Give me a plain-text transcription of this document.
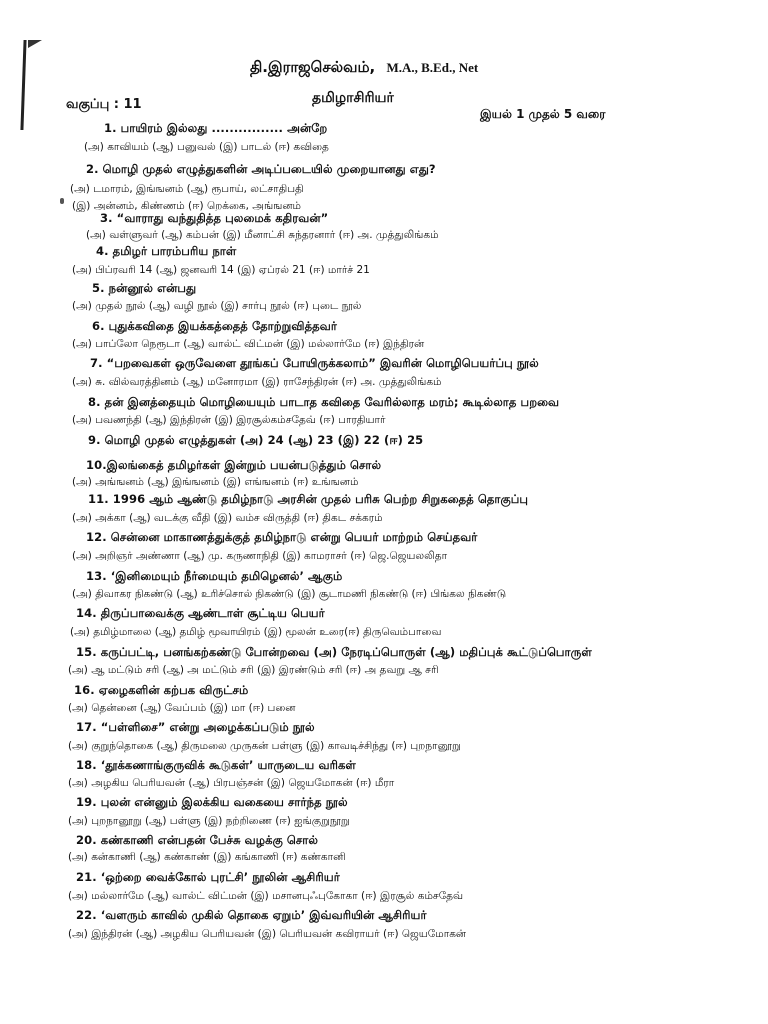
தி.இராஜசெல்வம், M.A., B.Ed., Net
தமிழாசிரியர்
வகுப்பு : 11
இயல் 1 முதல் 5 வரை
1. பாயிரம் இல்லது ................ அன்றே
(அ) காவியம் (ஆ) பனுவல் (இ) பாடல் (ஈ) கவிதை
2. மொழி முதல் எழுத்துகளின் அடிப்படையில் முறையானது எது?
(அ) டமாரம், இங்ஙனம் (ஆ) ரூபாய், லட்சாதிபதி
(இ) அன்னம், கிண்ணம் (ஈ) றெக்கை, அங்ஙனம்
3. “வாராது வந்துதித்த புலமைக் கதிரவன்”
(அ) வள்ளுவர் (ஆ) கம்பன் (இ) மீனாட்சி சுந்தரனார் (ஈ) அ. முத்துலிங்கம்
4. தமிழர் பாரம்பரிய நாள்
(அ) பிப்ரவரி 14 (ஆ) ஜனவரி 14 (இ) ஏப்ரல் 21 (ஈ) மார்ச் 21
5. நன்னூல் என்பது
(அ) முதல் நூல் (ஆ) வழி நூல் (இ) சார்பு நூல் (ஈ) புடை நூல்
6. புதுக்கவிதை இயக்கத்தைத் தோற்றுவித்தவர்
(அ) பாப்லோ நெரூடா (ஆ) வால்ட் விட்மன் (இ) மல்லார்மே (ஈ) இந்திரன்
7. “பறவைகள் ஒருவேளை தூங்கப் போயிருக்கலாம்” இவரின் மொழிபெயர்ப்பு நூல்
(அ) சு. வில்வரத்தினம் (ஆ) மனோரமா (இ) ராசேந்திரன் (ஈ) அ. முத்துலிங்கம்
8. தன் இனத்தையும் மொழியையும் பாடாத கவிதை வேரில்லாத மரம்; கூடில்லாத பறவை
(அ) பவணந்தி (ஆ) இந்திரன் (இ) இரசூல்கம்சதேவ் (ஈ) பாரதியார்
9. மொழி முதல் எழுத்துகள் (அ) 24 (ஆ) 23 (இ) 22 (ஈ) 25
10.இலங்கைத் தமிழர்கள் இன்றும் பயன்படுத்தும் சொல்
(அ) அங்ஙனம் (ஆ) இங்ஙனம் (இ) எங்ஙனம் (ஈ) உங்ஙனம்
11. 1996 ஆம் ஆண்டு தமிழ்நாடு அரசின் முதல் பரிசு பெற்ற சிறுகதைத் தொகுப்பு
(அ) அக்கா (ஆ) வடக்கு வீதி (இ) வம்ச விருத்தி (ஈ) திகட சக்கரம்
12. சென்னை மாகாணத்துக்குத் தமிழ்நாடு என்று பெயர் மாற்றம் செய்தவர்
(அ) அறிஞர் அண்ணா (ஆ) மு. கருணாநிதி (இ) காமராசர் (ஈ) ஜெ.ஜெயலலிதா
13. ‘இனிமையும் நீர்மையும் தமிழெனல்’ ஆகும்
(அ) திவாகர நிகண்டு (ஆ) உரிச்சொல் நிகண்டு (இ) சூடாமணி நிகண்டு (ஈ) பிங்கல நிகண்டு
14. திருப்பாவைக்கு ஆண்டாள் சூட்டிய பெயர்
(அ) தமிழ்மாலை (ஆ) தமிழ் மூவாயிரம் (இ) மூலன் உரை(ஈ) திருவெம்பாவை
15. கருப்பட்டி, பனங்கற்கண்டு போன்றவை (அ) நேரடிப்பொருள் (ஆ) மதிப்புக் கூட்டுப்பொருள்
(அ) ஆ மட்டும் சரி (ஆ) அ மட்டும் சரி (இ) இரண்டும் சரி (ஈ) அ தவறு ஆ சரி
16. ஏழைகளின் கற்பக விருட்சம்
(அ) தென்னை (ஆ) வேப்பம் (இ) மா (ஈ) பனை
17. “பள்ளிசை” என்று அழைக்கப்படும் நூல்
(அ) குறுந்தொகை (ஆ) திருமலை முருகன் பள்ளு (இ) காவடிச்சிந்து (ஈ) புறநானூறு
18. ‘தூக்கணாங்குருவிக் கூடுகள்’ யாருடைய வரிகள்
(அ) அழகிய பெரியவன் (ஆ) பிரபஞ்சன் (இ) ஜெயமோகன் (ஈ) மீரா
19. புலன் என்னும் இலக்கிய வகையை சார்ந்த நூல்
(அ) புறநானூறு (ஆ) பள்ளு (இ) நற்றிணை (ஈ) ஐங்குறுநூறு
20. கண்காணி என்பதன் பேச்சு வழக்கு சொல்
(அ) கன்காணி (ஆ) கண்காண் (இ) கங்காணி (ஈ) கண்கானி
21. ‘ஒற்றை வைக்கோல் புரட்சி’ நூலின் ஆசிரியர்
(அ) மல்லார்மே (ஆ) வால்ட் விட்மன் (இ) மசானபுஃபுகோகா (ஈ) இரசூல் கம்சதேவ்
22. ‘வளரும் காவில் முகில் தொகை ஏறும்’ இவ்வரியின் ஆசிரியர்
(அ) இந்திரன் (ஆ) அழகிய பெரியவன் (இ) பெரியவன் கவிராயர் (ஈ) ஜெயமோகன்
